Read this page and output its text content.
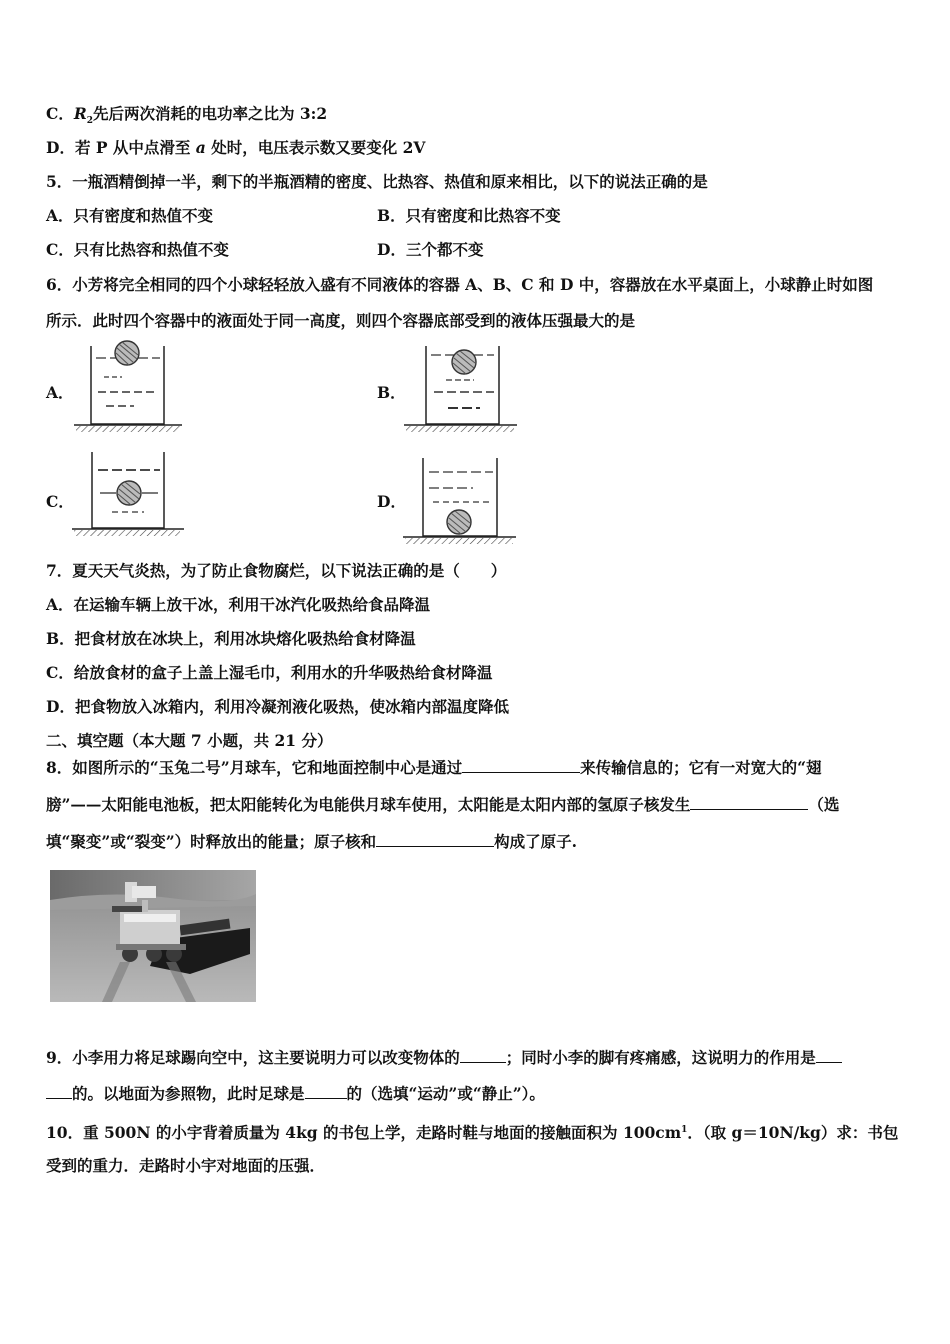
C．$R_2$先后两次消耗的电功率之比为 3:2
D．若 P 从中点滑至 a 处时，电压表示数又要变化 2V
5．一瓶酒精倒掉一半，剩下的半瓶酒精的密度、比热容、热值和原来相比，以下的说法正确的是
A．只有密度和热值不变	B．只有密度和比热容不变
C．只有比热容和热值不变	D．三个都不变
6．小芳将完全相同的四个小球轻轻放入盛有不同液体的容器 A、B、C 和 D 中，容器放在水平桌面上，小球静止时如图
所示．此时四个容器中的液面处于同一高度，则四个容器底部受到的液体压强最大的是
A．	B．
C．	D．
7．夏天天气炎热，为了防止食物腐烂，以下说法正确的是（　　）
A．在运输车辆上放干冰，利用干冰汽化吸热给食品降温
B．把食材放在冰块上，利用冰块熔化吸热给食材降温
C．给放食材的盒子上盖上湿毛巾，利用水的升华吸热给食材降温
D．把食物放入冰箱内，利用冷凝剂液化吸热，使冰箱内部温度降低
二、填空题（本大题 7 小题，共 21 分）
8．如图所示的“玉兔二号”月球车，它和地面控制中心是通过	来传输信息的；它有一对宽大的“翅
膀”——太阳能电池板，把太阳能转化为电能供月球车使用，太阳能是太阳内部的氢原子核发生	（选
填“聚变”或“裂变”）时释放出的能量；原子核和	构成了原子.
9．小李用力将足球踢向空中，这主要说明力可以改变物体的	；同时小李的脚有疼痛感，这说明力的作用是
的。以地面为参照物，此时足球是	的（选填“运动”或“静止”）。
10．重 500N 的小宇背着质量为 4kg 的书包上学，走路时鞋与地面的接触面积为 $100cm^1$．（取 g＝10N/kg）求：书包
受到的重力．走路时小宇对地面的压强．
